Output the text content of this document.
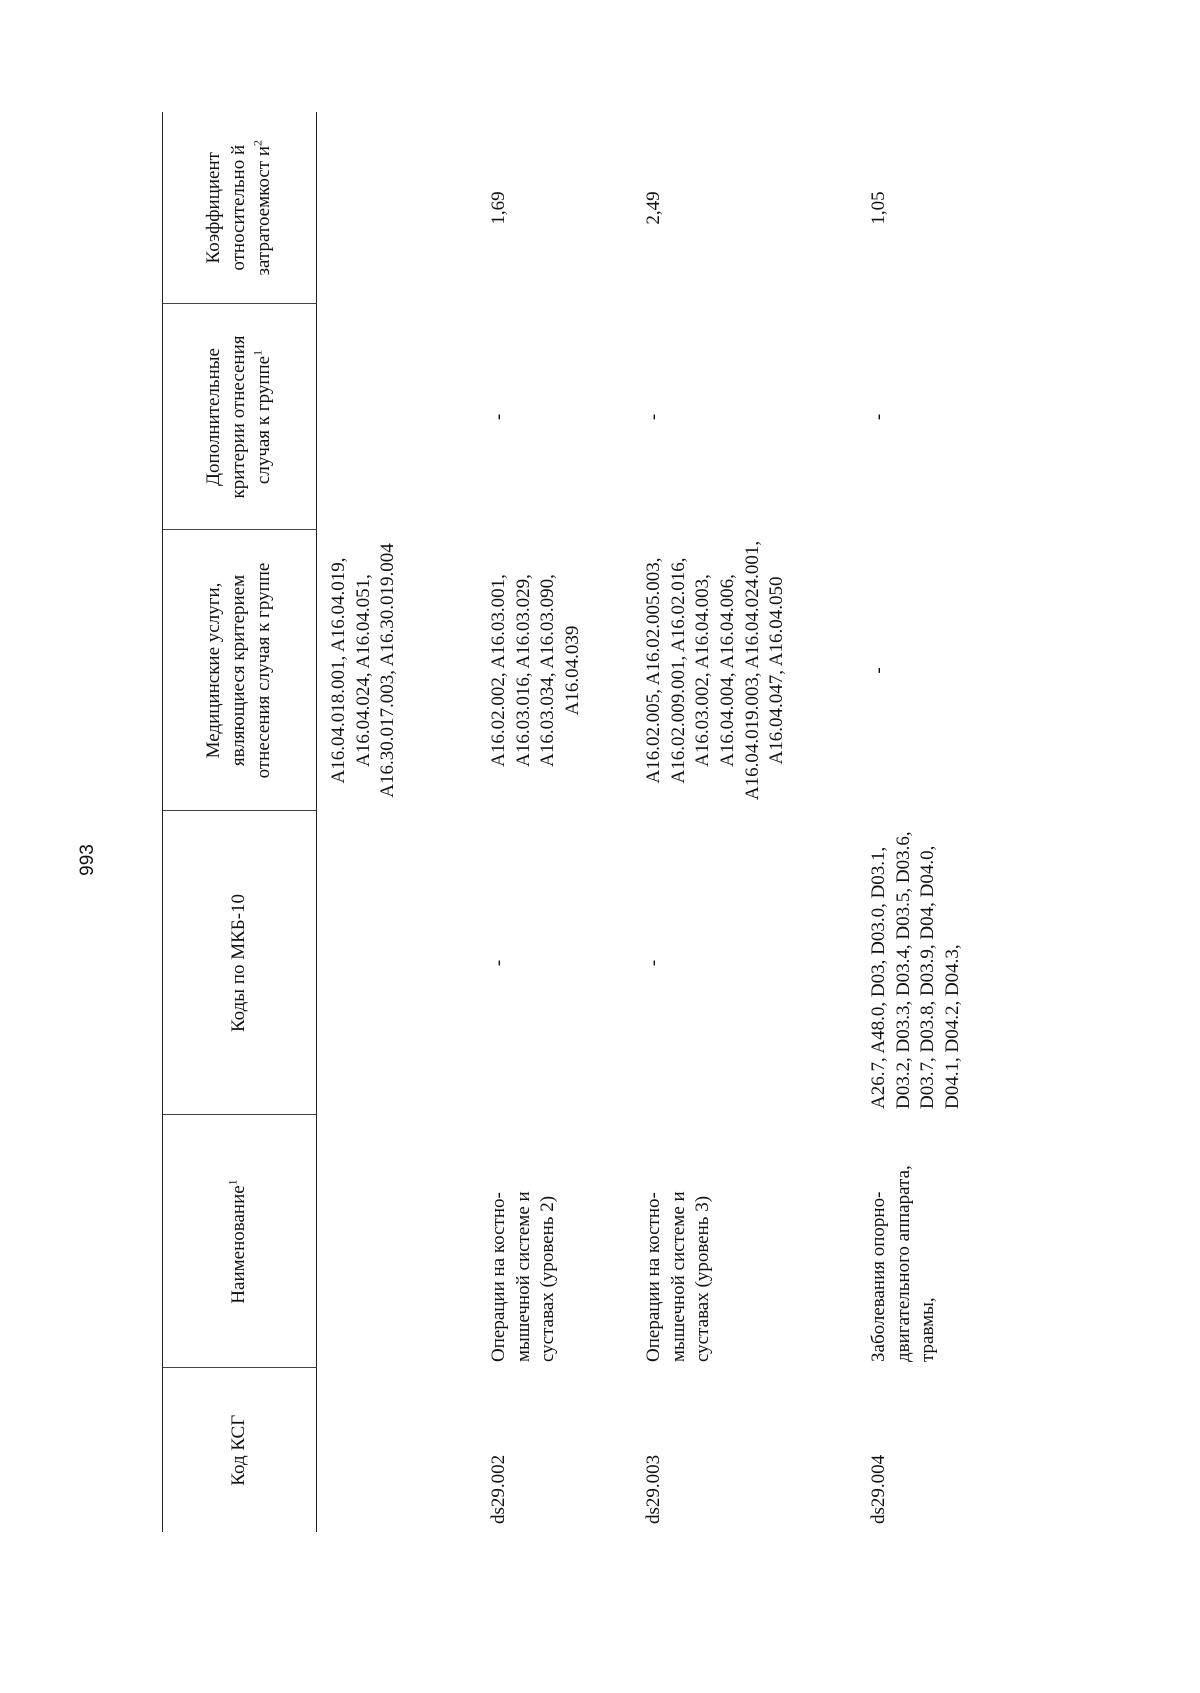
993
Код КСГ	Наименование$^1$	Коды по МКБ-10	Медицинские услуги, являющиеся критерием отнесения случая к группе	Дополнительные критерии отнесения случая к группе$^1$	Коэффициент относительно й затратоемкост $и^2$
			A16.04.018.001, A16.04.019, A16.04.024, A16.04.051, A16.30.017.003, A16.30.019.004		
ds29.002	Операции на костно-мышечной системе и суставах (уровень 2)	-	A16.02.002, A16.03.001, A16.03.016, A16.03.029, A16.03.034, A16.03.090, A16.04.039	-	1,69
ds29.003	Операции на костно-мышечной системе и суставах (уровень 3)	-	A16.02.005, A16.02.005.003, A16.02.009.001, A16.02.016, A16.03.002, A16.04.003, A16.04.004, A16.04.006, A16.04.019.003, A16.04.024.001, A16.04.047, A16.04.050	-	2,49
ds29.004	Заболевания опорно-двигательного аппарата, травмы,	A26.7, A48.0, D03, D03.0, D03.1, D03.2, D03.3, D03.4, D03.5, D03.6, D03.7, D03.8, D03.9, D04, D04.0, D04.1, D04.2, D04.3,	-	-	1,05
